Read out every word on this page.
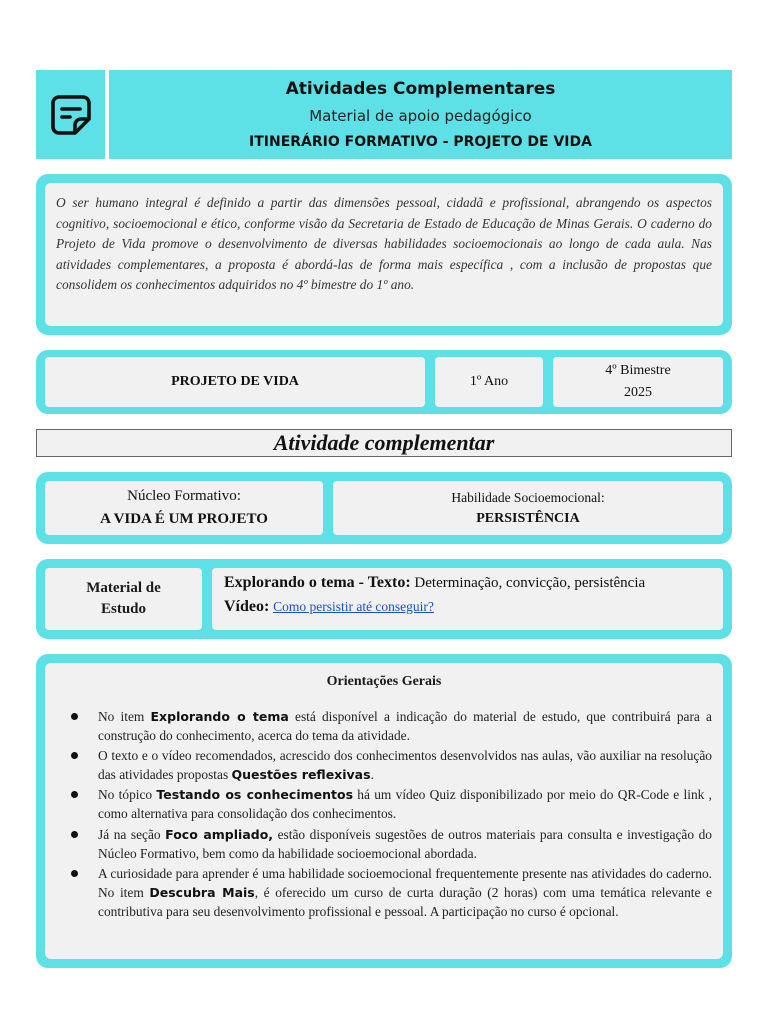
Atividades Complementares
Material de apoio pedagógico
ITINERÁRIO FORMATIVO - PROJETO DE VIDA
O ser humano integral é definido a partir das dimensões pessoal, cidadã e profissional, abrangendo os aspectos cognitivo, socioemocional e ético, conforme visão da Secretaria de Estado de Educação de Minas Gerais. O caderno do Projeto de Vida promove o desenvolvimento de diversas habilidades socioemocionais ao longo de cada aula. Nas atividades complementares, a proposta é abordá-las de forma mais específica , com a inclusão de propostas que consolidem os conhecimentos adquiridos no 4º bimestre do 1º ano.
PROJETO DE VIDA	1º Ano
4º Bimestre
2025
Atividade complementar
Núcleo Formativo:
A VIDA É UM PROJETO
Habilidade Socioemocional:
PERSISTÊNCIA
Material de
Estudo
Explorando o tema - Texto: Determinação, convicção, persistência
Vídeo: Como persistir até conseguir?
Orientações Gerais
No item Explorando o tema está disponível a indicação do material de estudo, que contribuirá para a construção do conhecimento, acerca do tema da atividade.
O texto e o vídeo recomendados, acrescido dos conhecimentos desenvolvidos nas aulas, vão auxiliar na resolução das atividades propostas Questões reflexivas.
No tópico Testando os conhecimentos há um vídeo Quiz disponibilizado por meio do QR-Code e link , como alternativa para consolidação dos conhecimentos.
Já na seção Foco ampliado, estão disponíveis sugestões de outros materiais para consulta e investigação do Núcleo Formativo, bem como da habilidade socioemocional abordada.
A curiosidade para aprender é uma habilidade socioemocional frequentemente presente nas atividades do caderno. No item Descubra Mais, é oferecido um curso de curta duração (2 horas) com uma temática relevante e contributiva para seu desenvolvimento profissional e pessoal. A participação no curso é opcional.
